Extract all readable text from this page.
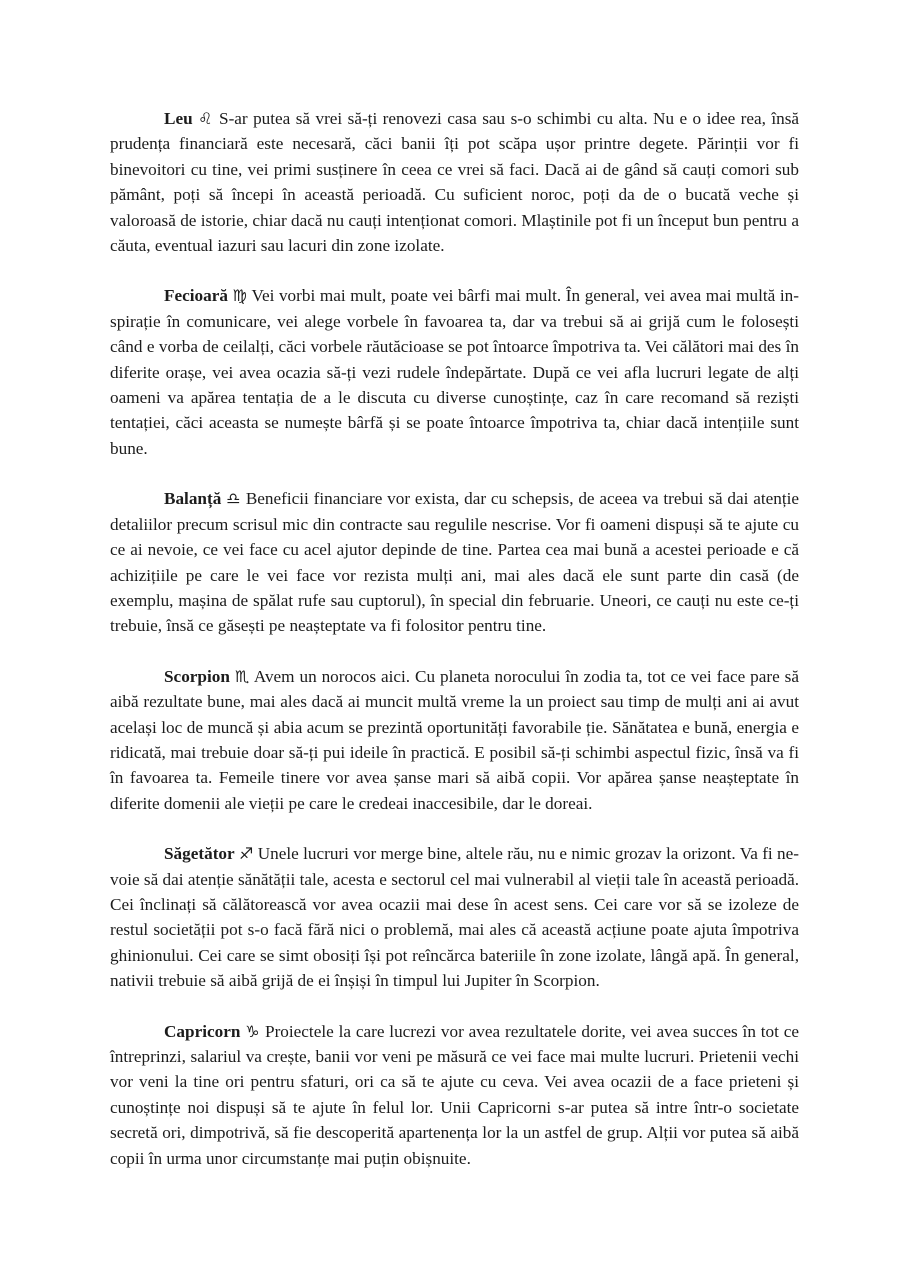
Leu ♌ S-ar putea să vrei să-ți renovezi casa sau s-o schimbi cu alta. Nu e o idee rea, însă prudența financiară este necesară, căci banii îți pot scăpa ușor printre degete. Părinții vor fi binevoitori cu tine, vei primi susținere în ceea ce vrei să faci. Dacă ai de gând să cauți comori sub pământ, poți să începi în această perioadă. Cu suficient noroc, poți da de o bucată veche și valoroasă de istorie, chiar dacă nu cauți intenționat comori. Mlaștinile pot fi un început bun pentru a căuta, eventual iazuri sau lacuri din zone izolate.

Fecioară ♍ Vei vorbi mai mult, poate vei bârfi mai mult. În general, vei avea mai multă inspirație în comunicare, vei alege vorbele în favoarea ta, dar va trebui să ai grijă cum le folosești când e vorba de ceilalți, căci vorbele răutăcioase se pot întoarce împotriva ta. Vei călători mai des în diferite orașe, vei avea ocazia să-ți vezi rudele îndepărtate. După ce vei afla lucruri legate de alți oameni va apărea tentația de a le discuta cu diverse cunoștințe, caz în care recomand să reziști tentației, căci aceasta se numește bârfă și se poate întoarce împotriva ta, chiar dacă intențiile sunt bune.

Balanță ♎ Beneficii financiare vor exista, dar cu schepsis, de aceea va trebui să dai atenție detaliilor precum scrisul mic din contracte sau regulile nescrise. Vor fi oameni dispuși să te ajute cu ce ai nevoie, ce vei face cu acel ajutor depinde de tine. Partea cea mai bună a acestei perioade e că achizițiile pe care le vei face vor rezista mulți ani, mai ales dacă ele sunt parte din casă (de exemplu, mașina de spălat rufe sau cuptorul), în special din februarie. Uneori, ce cauți nu este ce-ți trebuie, însă ce găsești pe neașteptate va fi folositor pentru tine.

Scorpion ♏ Avem un norocos aici. Cu planeta norocului în zodia ta, tot ce vei face pare să aibă rezultate bune, mai ales dacă ai muncit multă vreme la un proiect sau timp de mulți ani ai avut același loc de muncă și abia acum se prezintă oportunități favorabile ție. Sănătatea e bună, energia e ridicată, mai trebuie doar să-ți pui ideile în practică. E posibil să-ți schimbi aspectul fizic, însă va fi în favoarea ta. Femeile tinere vor avea șanse mari să aibă copii. Vor apărea șanse neașteptate în diferite domenii ale vieții pe care le credeai inaccesibile, dar le doreai.

Săgetător ♐ Unele lucruri vor merge bine, altele rău, nu e nimic grozav la orizont. Va fi nevoie să dai atenție sănătății tale, acesta e sectorul cel mai vulnerabil al vieții tale în această perioadă. Cei înclinați să călătorească vor avea ocazii mai dese în acest sens. Cei care vor să se izoleze de restul societății pot s-o facă fără nici o problemă, mai ales că această acțiune poate ajuta împotriva ghinionului. Cei care se simt obosiți își pot reîncărca bateriile în zone izolate, lângă apă. În general, nativii trebuie să aibă grijă de ei înșiși în timpul lui Jupiter în Scorpion.

Capricorn ♑ Proiectele la care lucrezi vor avea rezultatele dorite, vei avea succes în tot ce întreprinzi, salariul va crește, banii vor veni pe măsură ce vei face mai multe lucruri. Prietenii vechi vor veni la tine ori pentru sfaturi, ori ca să te ajute cu ceva. Vei avea ocazii de a face prieteni și cunoștințe noi dispuși să te ajute în felul lor. Unii Capricorni s-ar putea să intre într-o societate secretă ori, dimpotrivă, să fie descoperită apartenența lor la un astfel de grup. Alții vor putea să aibă copii în urma unor circumstanțe mai puțin obișnuite.
